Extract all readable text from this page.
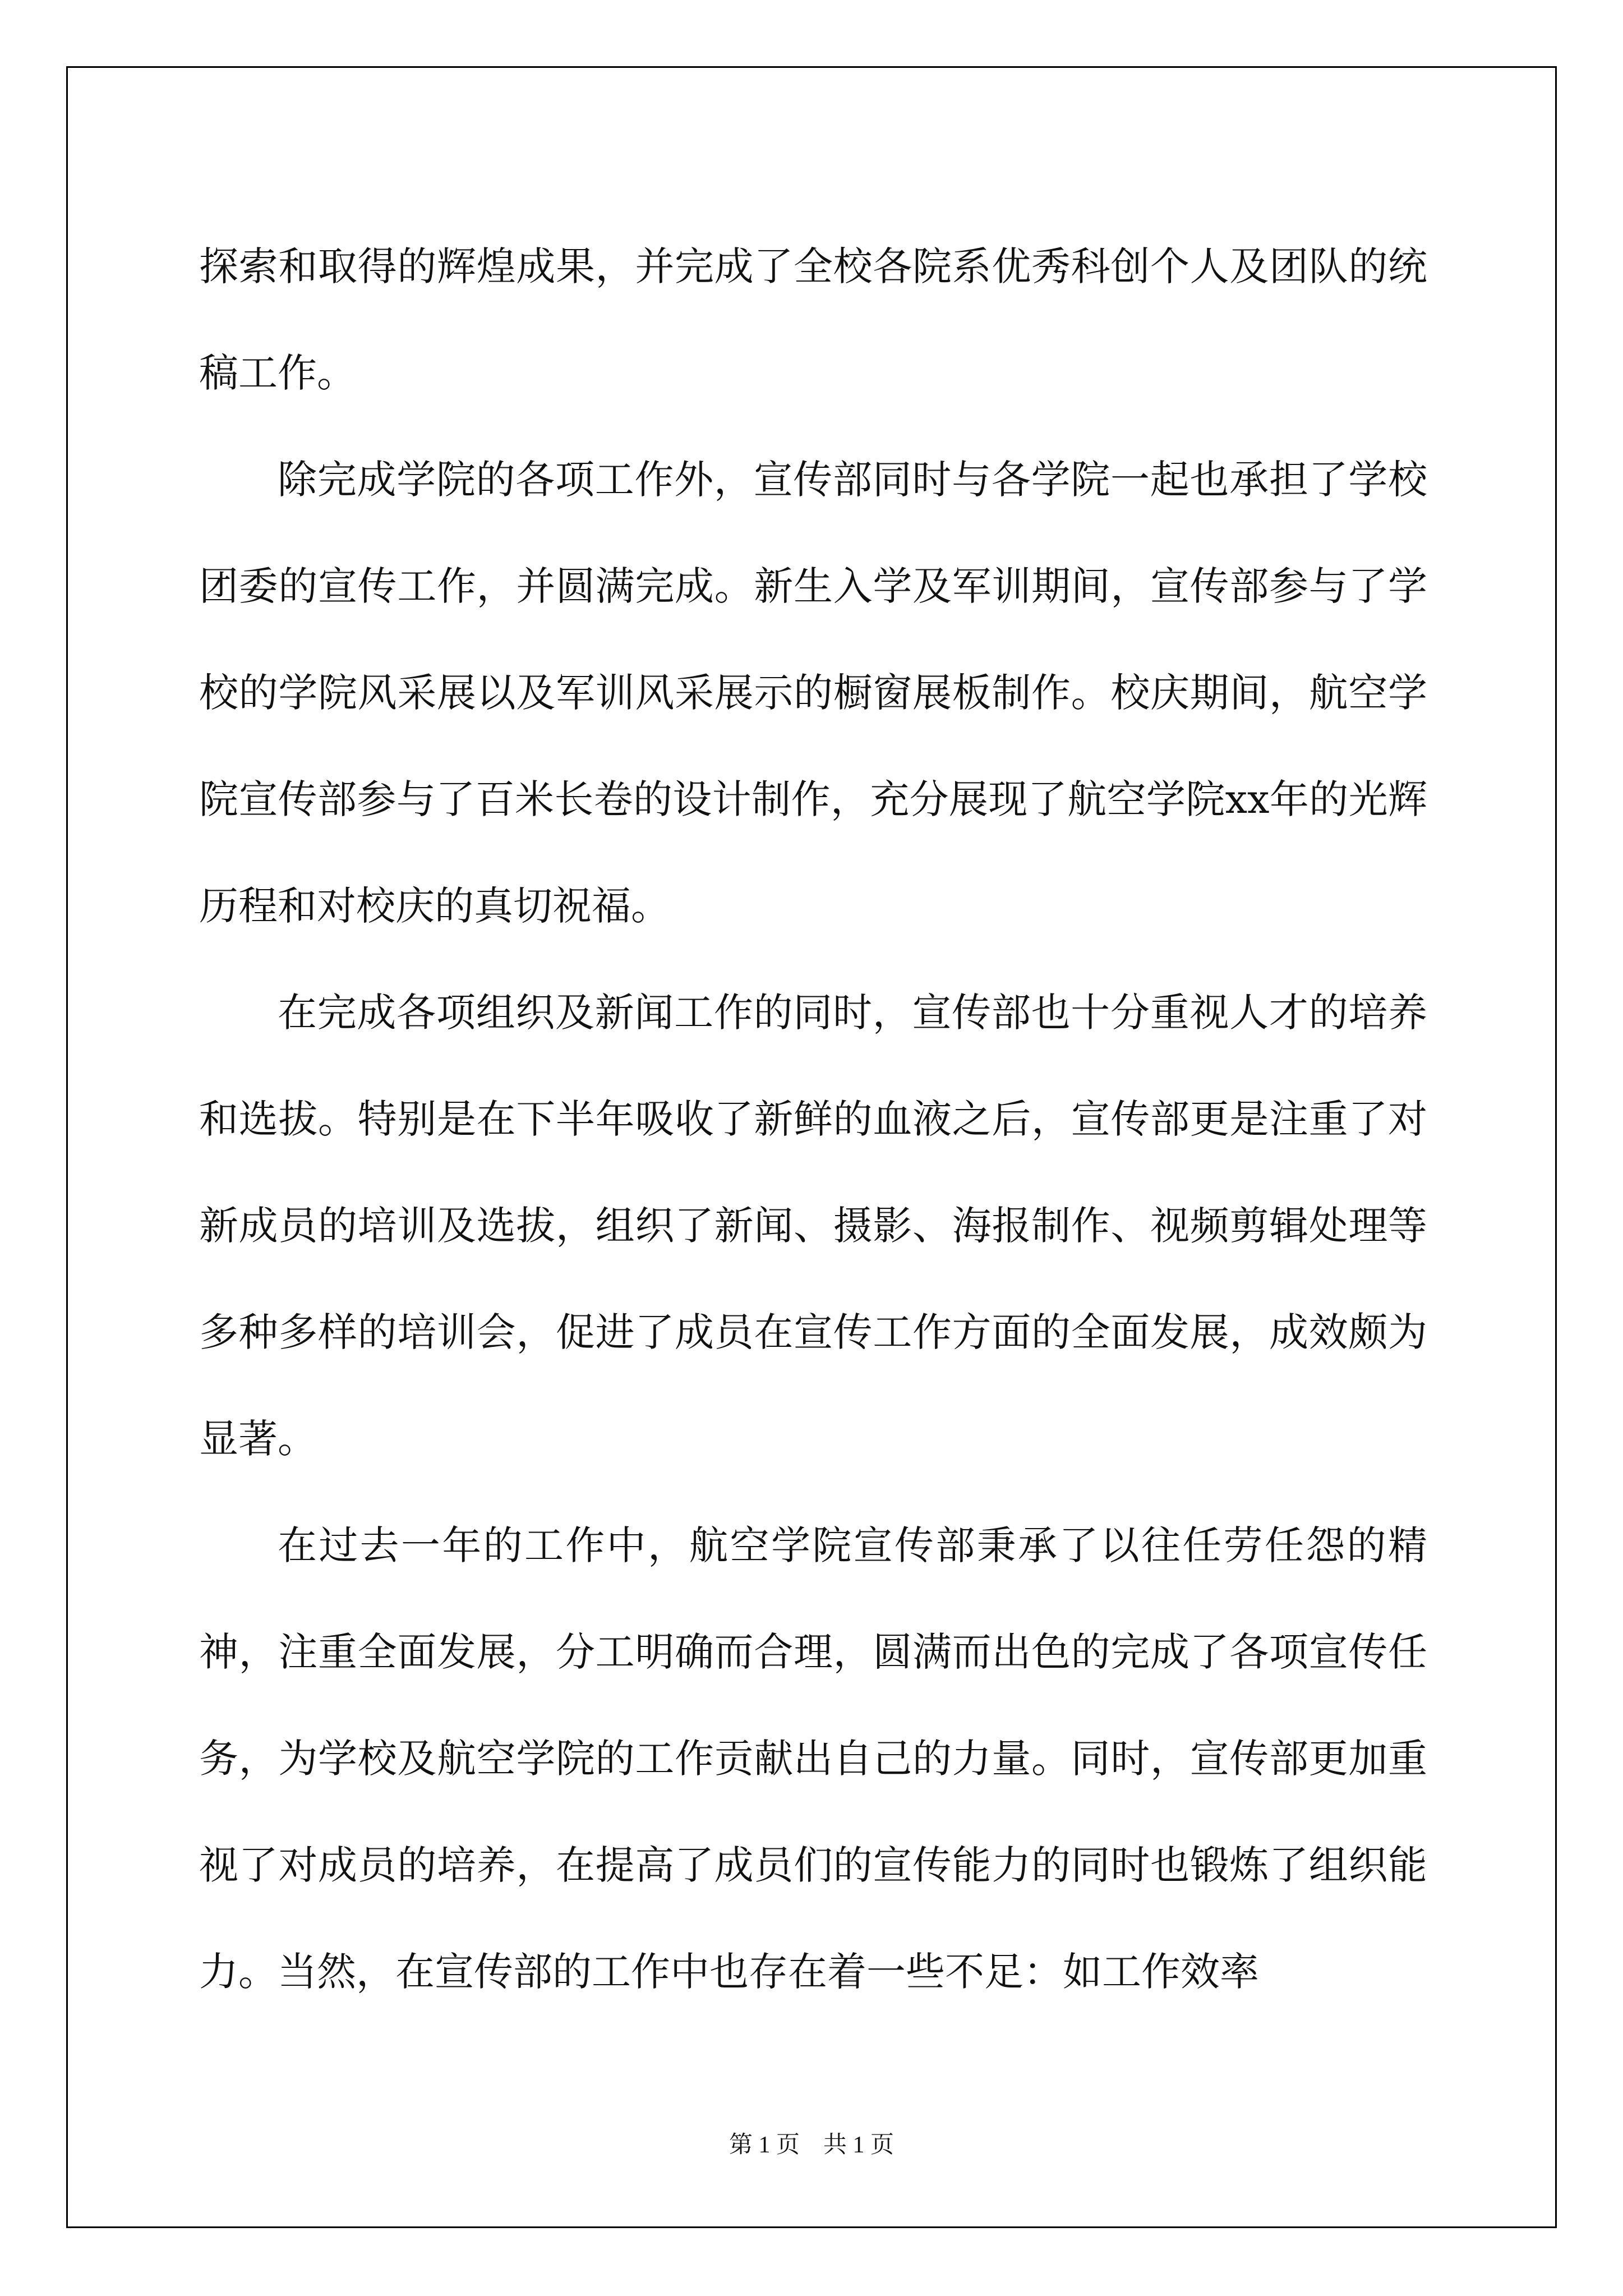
探索和取得的辉煌成果，并完成了全校各院系优秀科创个人及团队的统稿工作。

除完成学院的各项工作外，宣传部同时与各学院一起也承担了学校团委的宣传工作，并圆满完成。新生入学及军训期间，宣传部参与了学校的学院风采展以及军训风采展示的橱窗展板制作。校庆期间，航空学院宣传部参与了百米长卷的设计制作，充分展现了航空学院xx年的光辉历程和对校庆的真切祝福。

在完成各项组织及新闻工作的同时，宣传部也十分重视人才的培养和选拔。特别是在下半年吸收了新鲜的血液之后，宣传部更是注重了对新成员的培训及选拔，组织了新闻、摄影、海报制作、视频剪辑处理等多种多样的培训会，促进了成员在宣传工作方面的全面发展，成效颇为显著。

在过去一年的工作中，航空学院宣传部秉承了以往任劳任怨的精神，注重全面发展，分工明确而合理，圆满而出色的完成了各项宣传任务，为学校及航空学院的工作贡献出自己的力量。同时，宣传部更加重视了对成员的培养，在提高了成员们的宣传能力的同时也锻炼了组织能力。当然，在宣传部的工作中也存在着一些不足：如工作效率

第 1 页　共 1 页
